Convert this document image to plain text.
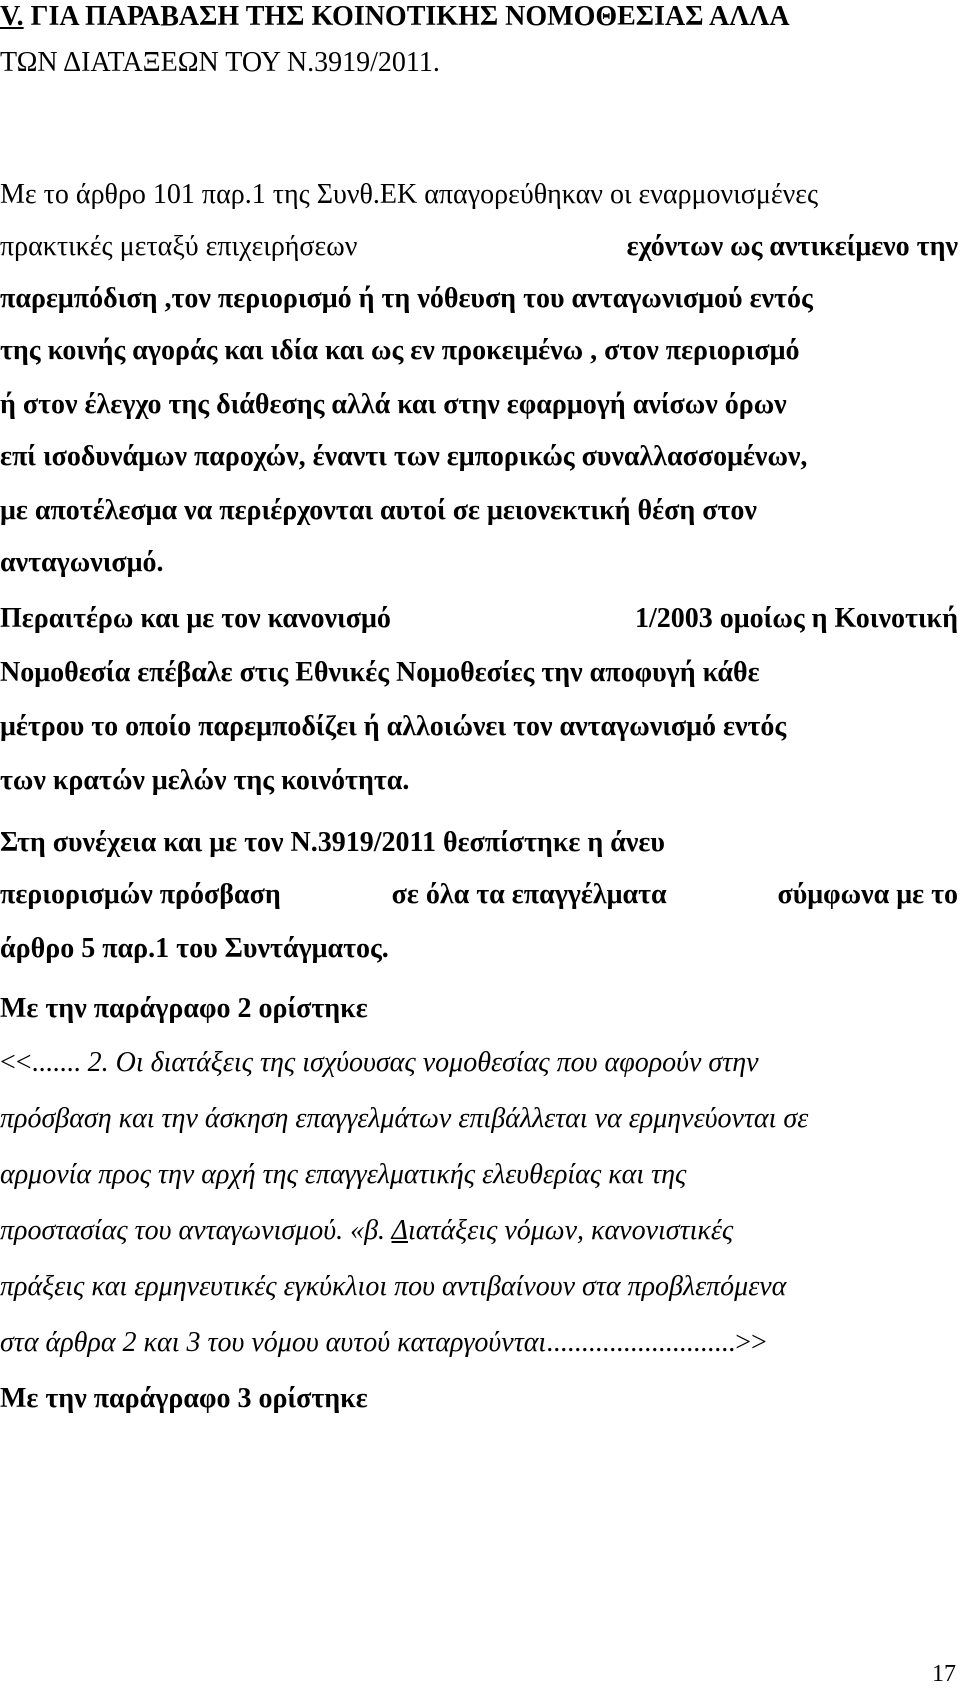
V. ΓΙΑ ΠΑΡΑΒΑΣΗ ΤΗΣ ΚΟΙΝΟΤΙΚΗΣ ΝΟΜΟΘΕΣΙΑΣ ΑΛΛΑ
ΤΩΝ ΔΙΑΤΑΞΕΩΝ ΤΟΥ Ν.3919/2011.
Με το άρθρο 101 παρ.1 της Συνθ.ΕΚ απαγορεύθηκαν οι εναρμονισμένες
πρακτικές μεταξύ επιχειρήσεων	εχόντων ως αντικείμενο την
παρεμπόδιση ,τον περιορισμό ή τη νόθευση του ανταγωνισμού εντός
της κοινής αγοράς και ιδία και ως εν προκειμένω , στον περιορισμό
ή στον έλεγχο της διάθεσης αλλά και στην εφαρμογή ανίσων όρων
επί ισοδυνάμων παροχών, έναντι των εμπορικώς συναλλασσομένων,
με αποτέλεσμα να περιέρχονται αυτοί σε μειονεκτική θέση στον
ανταγωνισμό.
Περαιτέρω και με τον κανονισμό	1/2003 ομοίως η Κοινοτική
Νομοθεσία επέβαλε στις Εθνικές Νομοθεσίες την αποφυγή κάθε
μέτρου το οποίο παρεμποδίζει ή αλλοιώνει τον ανταγωνισμό εντός
των κρατών μελών της κοινότητα.
Στη συνέχεια και με τον Ν.3919/2011 θεσπίστηκε η άνευ
περιορισμών πρόσβαση	σε όλα τα επαγγέλματα	σύμφωνα με το
άρθρο 5 παρ.1 του Συντάγματος.
Με την παράγραφο 2 ορίστηκε
<<....... 2. Οι διατάξεις της ισχύουσας νομοθεσίας που αφορούν στην
πρόσβαση και την άσκηση επαγγελμάτων επιβάλλεται να ερμηνεύονται σε
αρμονία προς την αρχή της επαγγελματικής ελευθερίας και της
προστασίας του ανταγωνισμού. «β. Διατάξεις νόμων, κανονιστικές
πράξεις και ερμηνευτικές εγκύκλιοι που αντιβαίνουν στα προβλεπόμενα
στα άρθρα 2 και 3 του νόμου αυτού καταργούνται...........................>>
Με την παράγραφο 3 ορίστηκε
17
